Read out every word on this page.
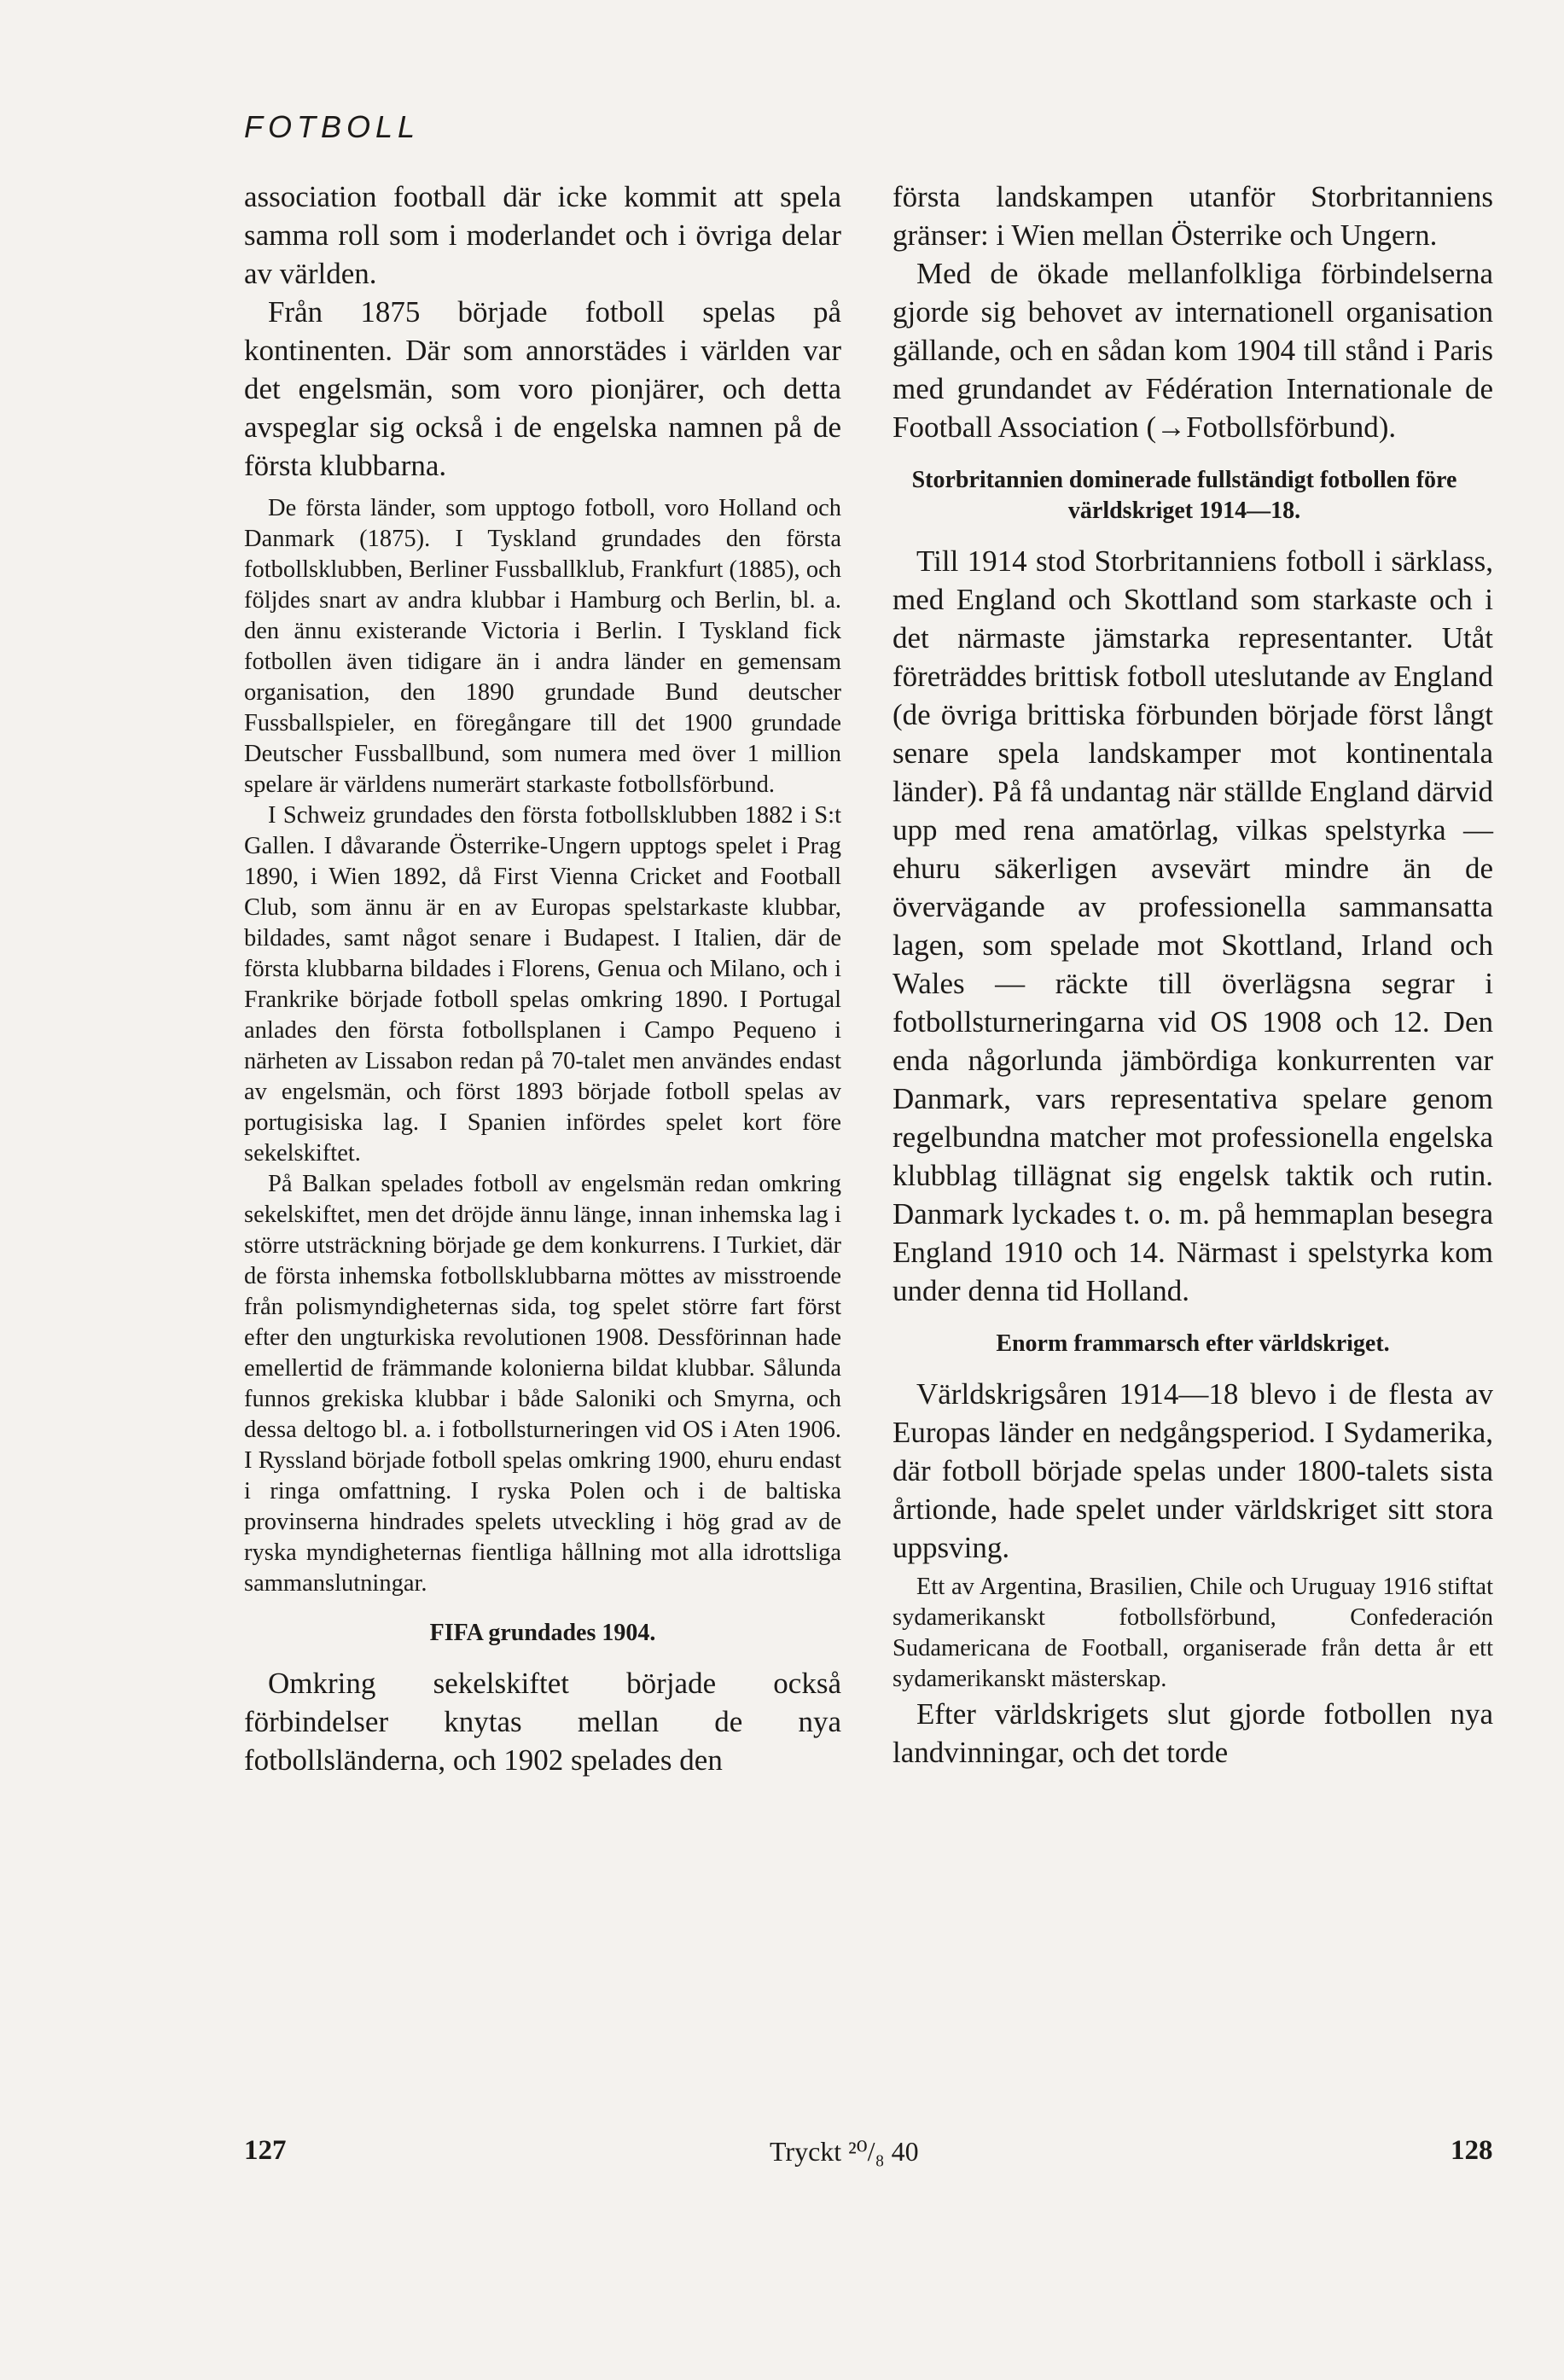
FOTBOLL

association football där icke kommit att spela samma roll som i moderlandet och i övriga delar av världen.

Från 1875 började fotboll spelas på kontinenten. Där som annorstädes i världen var det engelsmän, som voro pionjärer, och detta avspeglar sig också i de engelska namnen på de första klubbarna.

De första länder, som upptogo fotboll, voro Holland och Danmark (1875). I Tyskland grundades den första fotbollsklubben, Berliner Fussballklub, Frankfurt (1885), och följdes snart av andra klubbar i Hamburg och Berlin, bl. a. den ännu existerande Victoria i Berlin. I Tyskland fick fotbollen även tidigare än i andra länder en gemensam organisation, den 1890 grundade Bund deutscher Fussballspieler, en föregångare till det 1900 grundade Deutscher Fussballbund, som numera med över 1 million spelare är världens numerärt starkaste fotbollsförbund.

I Schweiz grundades den första fotbollsklubben 1882 i S:t Gallen. I dåvarande Österrike-Ungern upptogs spelet i Prag 1890, i Wien 1892, då First Vienna Cricket and Football Club, som ännu är en av Europas spelstarkaste klubbar, bildades, samt något senare i Budapest. I Italien, där de första klubbarna bildades i Florens, Genua och Milano, och i Frankrike började fotboll spelas omkring 1890. I Portugal anlades den första fotbollsplanen i Campo Pequeno i närheten av Lissabon redan på 70-talet men användes endast av engelsmän, och först 1893 började fotboll spelas av portugisiska lag. I Spanien infördes spelet kort före sekelskiftet.

På Balkan spelades fotboll av engelsmän redan omkring sekelskiftet, men det dröjde ännu länge, innan inhemska lag i större utsträckning började ge dem konkurrens. I Turkiet, där de första inhemska fotbollsklubbarna möttes av misstroende från polismyndigheternas sida, tog spelet större fart först efter den ungturkiska revolutionen 1908. Dessförinnan hade emellertid de främmande kolonierna bildat klubbar. Sålunda funnos grekiska klubbar i både Saloniki och Smyrna, och dessa deltogo bl. a. i fotbollsturneringen vid OS i Aten 1906. I Ryssland började fotboll spelas omkring 1900, ehuru endast i ringa omfattning. I ryska Polen och i de baltiska provinserna hindrades spelets utveckling i hög grad av de ryska myndigheternas fientliga hållning mot alla idrottsliga sammanslutningar.

FIFA grundades 1904.

Omkring sekelskiftet började också förbindelser knytas mellan de nya fotbollsländerna, och 1902 spelades den

första landskampen utanför Storbritanniens gränser: i Wien mellan Österrike och Ungern.

Med de ökade mellanfolkliga förbindelserna gjorde sig behovet av internationell organisation gällande, och en sådan kom 1904 till stånd i Paris med grundandet av Fédération Internationale de Football Association (→Fotbollsförbund).

Storbritannien dominerade fullständigt fotbollen före världskriget 1914—18.

Till 1914 stod Storbritanniens fotboll i särklass, med England och Skottland som starkaste och i det närmaste jämstarka representanter. Utåt företräddes brittisk fotboll uteslutande av England (de övriga brittiska förbunden började först långt senare spela landskamper mot kontinentala länder). På få undantag när ställde England därvid upp med rena amatörlag, vilkas spelstyrka — ehuru säkerligen avsevärt mindre än de övervägande av professionella sammansatta lagen, som spelade mot Skottland, Irland och Wales — räckte till överlägsna segrar i fotbollsturneringarna vid OS 1908 och 12. Den enda någorlunda jämbördiga konkurrenten var Danmark, vars representativa spelare genom regelbundna matcher mot professionella engelska klubblag tillägnat sig engelsk taktik och rutin. Danmark lyckades t. o. m. på hemmaplan besegra England 1910 och 14. Närmast i spelstyrka kom under denna tid Holland.

Enorm frammarsch efter världskriget.

Världskrigsåren 1914—18 blevo i de flesta av Europas länder en nedgångsperiod. I Sydamerika, där fotboll började spelas under 1800-talets sista årtionde, hade spelet under världskriget sitt stora uppsving.

Ett av Argentina, Brasilien, Chile och Uruguay 1916 stiftat sydamerikanskt fotbollsförbund, Confederación Sudamericana de Football, organiserade från detta år ett sydamerikanskt mästerskap.

Efter världskrigets slut gjorde fotbollen nya landvinningar, och det torde

127	Tryckt ²⁰/₈ 40	128
